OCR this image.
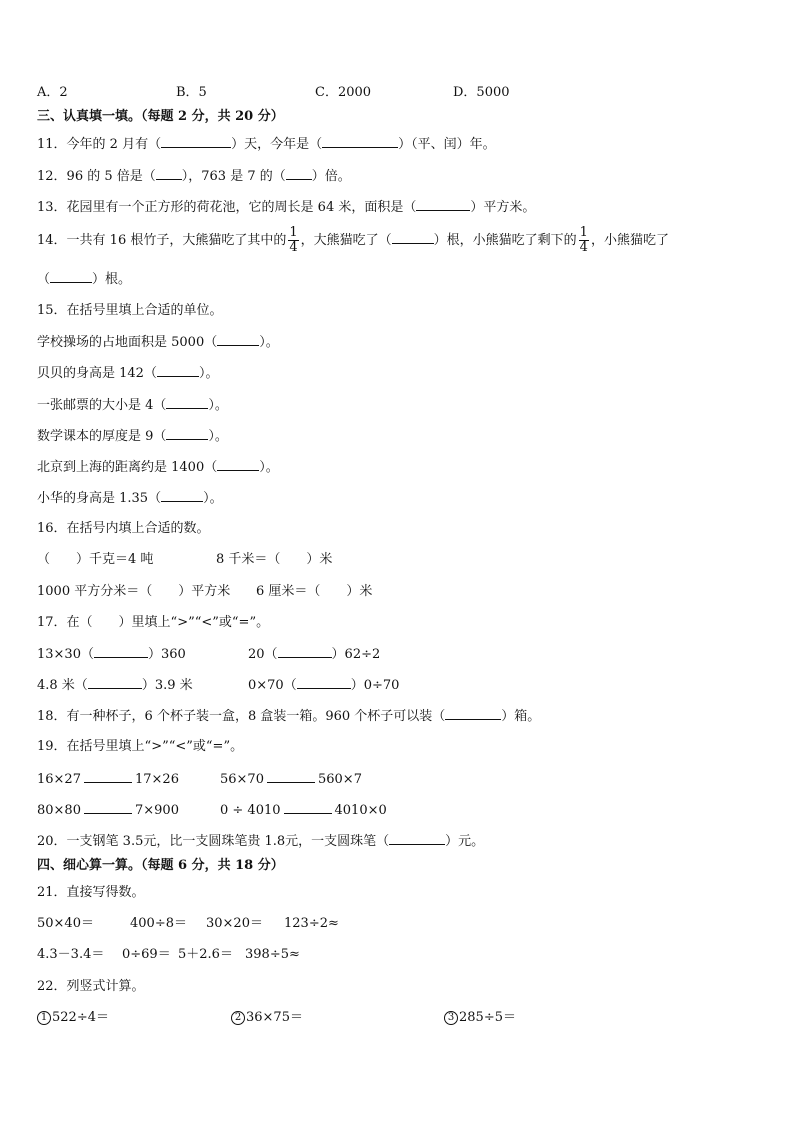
A．2	B．5	C．2000	D．5000
三、认真填一填。（每题 2 分，共 20 分）
11．今年的 2 月有（	）天，今年是（	）（平、闰）年。
12．96 的 5 倍是（ ），763 是 7 的（ ）倍。
13．花园里有一个正方形的荷花池，它的周长是 64 米，面积是（	）平方米。
14．一共有 16 根竹子，大熊猫吃了其中的 $\frac{1}{4}$ ，大熊猫吃了（	）根，小熊猫吃了剩下的 $\frac{1}{4}$ ，小熊猫吃了
（	）根。
15．在括号里填上合适的单位。
学校操场的占地面积是 5000（	）。
贝贝的身高是 142（	）。
一张邮票的大小是 4（	）。
数学课本的厚度是 9（	）。
北京到上海的距离约是 1400（	）。
小华的身高是 1.35（	）。
16．在括号内填上合适的数。
（　　）千克＝4 吨	8 千米＝（　　）米
1000 平方分米＝（　　）平方米 6 厘米＝（　　）米
17．在（　　）里填上“>”“<”或“=”。
13×30（	）360	20（	）62÷2
4.8 米（	）3.9 米	0×70（	）0÷70
18．有一种杯子，6 个杯子装一盒，8 盒装一箱。960 个杯子可以装（	）箱。
19．在括号里填上“>”“<”或“=”。
16×27	17×26	56×70	560×7
80×80	7×900	0 ÷ 4010	4010×0
20．一支钢笔 3.5元，比一支圆珠笔贵 1.8元，一支圆珠笔（	）元。
四、细心算一算。（每题 6 分，共 18 分）
21．直接写得数。
50×40＝	400÷8＝ 30×20＝ 123÷2≈
4.3－3.4＝ 0÷69＝ 5＋2.6＝ 398÷5≈
22．列竖式计算。
1 522÷4＝	2 36×75＝	3 285÷5＝
